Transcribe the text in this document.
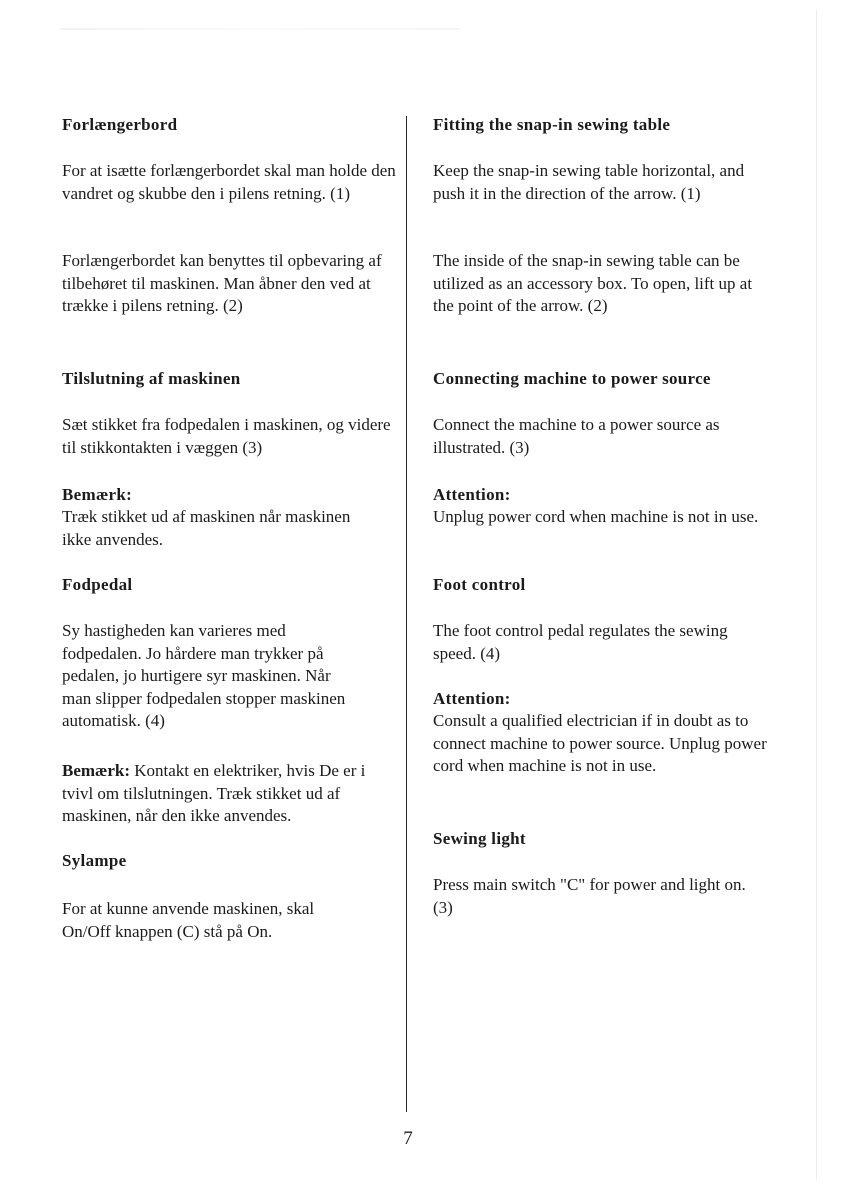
Forlængerbord

For at isætte forlængerbordet skal man holde den vandret og skubbe den i pilens retning. (1)

Forlængerbordet kan benyttes til opbevaring af tilbehøret til maskinen. Man åbner den ved at trække i pilens retning. (2)

Tilslutning af maskinen

Sæt stikket fra fodpedalen i maskinen, og videre til stikkontakten i væggen (3)

Bemærk:

Træk stikket ud af maskinen når maskinen ikke anvendes.

Fodpedal

Sy hastigheden kan varieres med fodpedalen. Jo hårdere man trykker på pedalen, jo hurtigere syr maskinen. Når man slipper fodpedalen stopper maskinen automatisk. (4)

Bemærk: Kontakt en elektriker, hvis De er i tvivl om tilslutningen. Træk stikket ud af maskinen, når den ikke anvendes.

Sylampe

For at kunne anvende maskinen, skal On/Off knappen (C) stå på On.

Fitting the snap-in sewing table

Keep the snap-in sewing table horizontal, and push it in the direction of the arrow. (1)

The inside of the snap-in sewing table can be utilized as an accessory box. To open, lift up at the point of the arrow. (2)

Connecting machine to power source

Connect the machine to a power source as illustrated. (3)

Attention:

Unplug power cord when machine is not in use.

Foot control

The foot control pedal regulates the sewing speed. (4)

Attention:

Consult a qualified electrician if in doubt as to connect machine to power source. Unplug power cord when machine is not in use.

Sewing light

Press main switch "C" for power and light on. (3)

7
